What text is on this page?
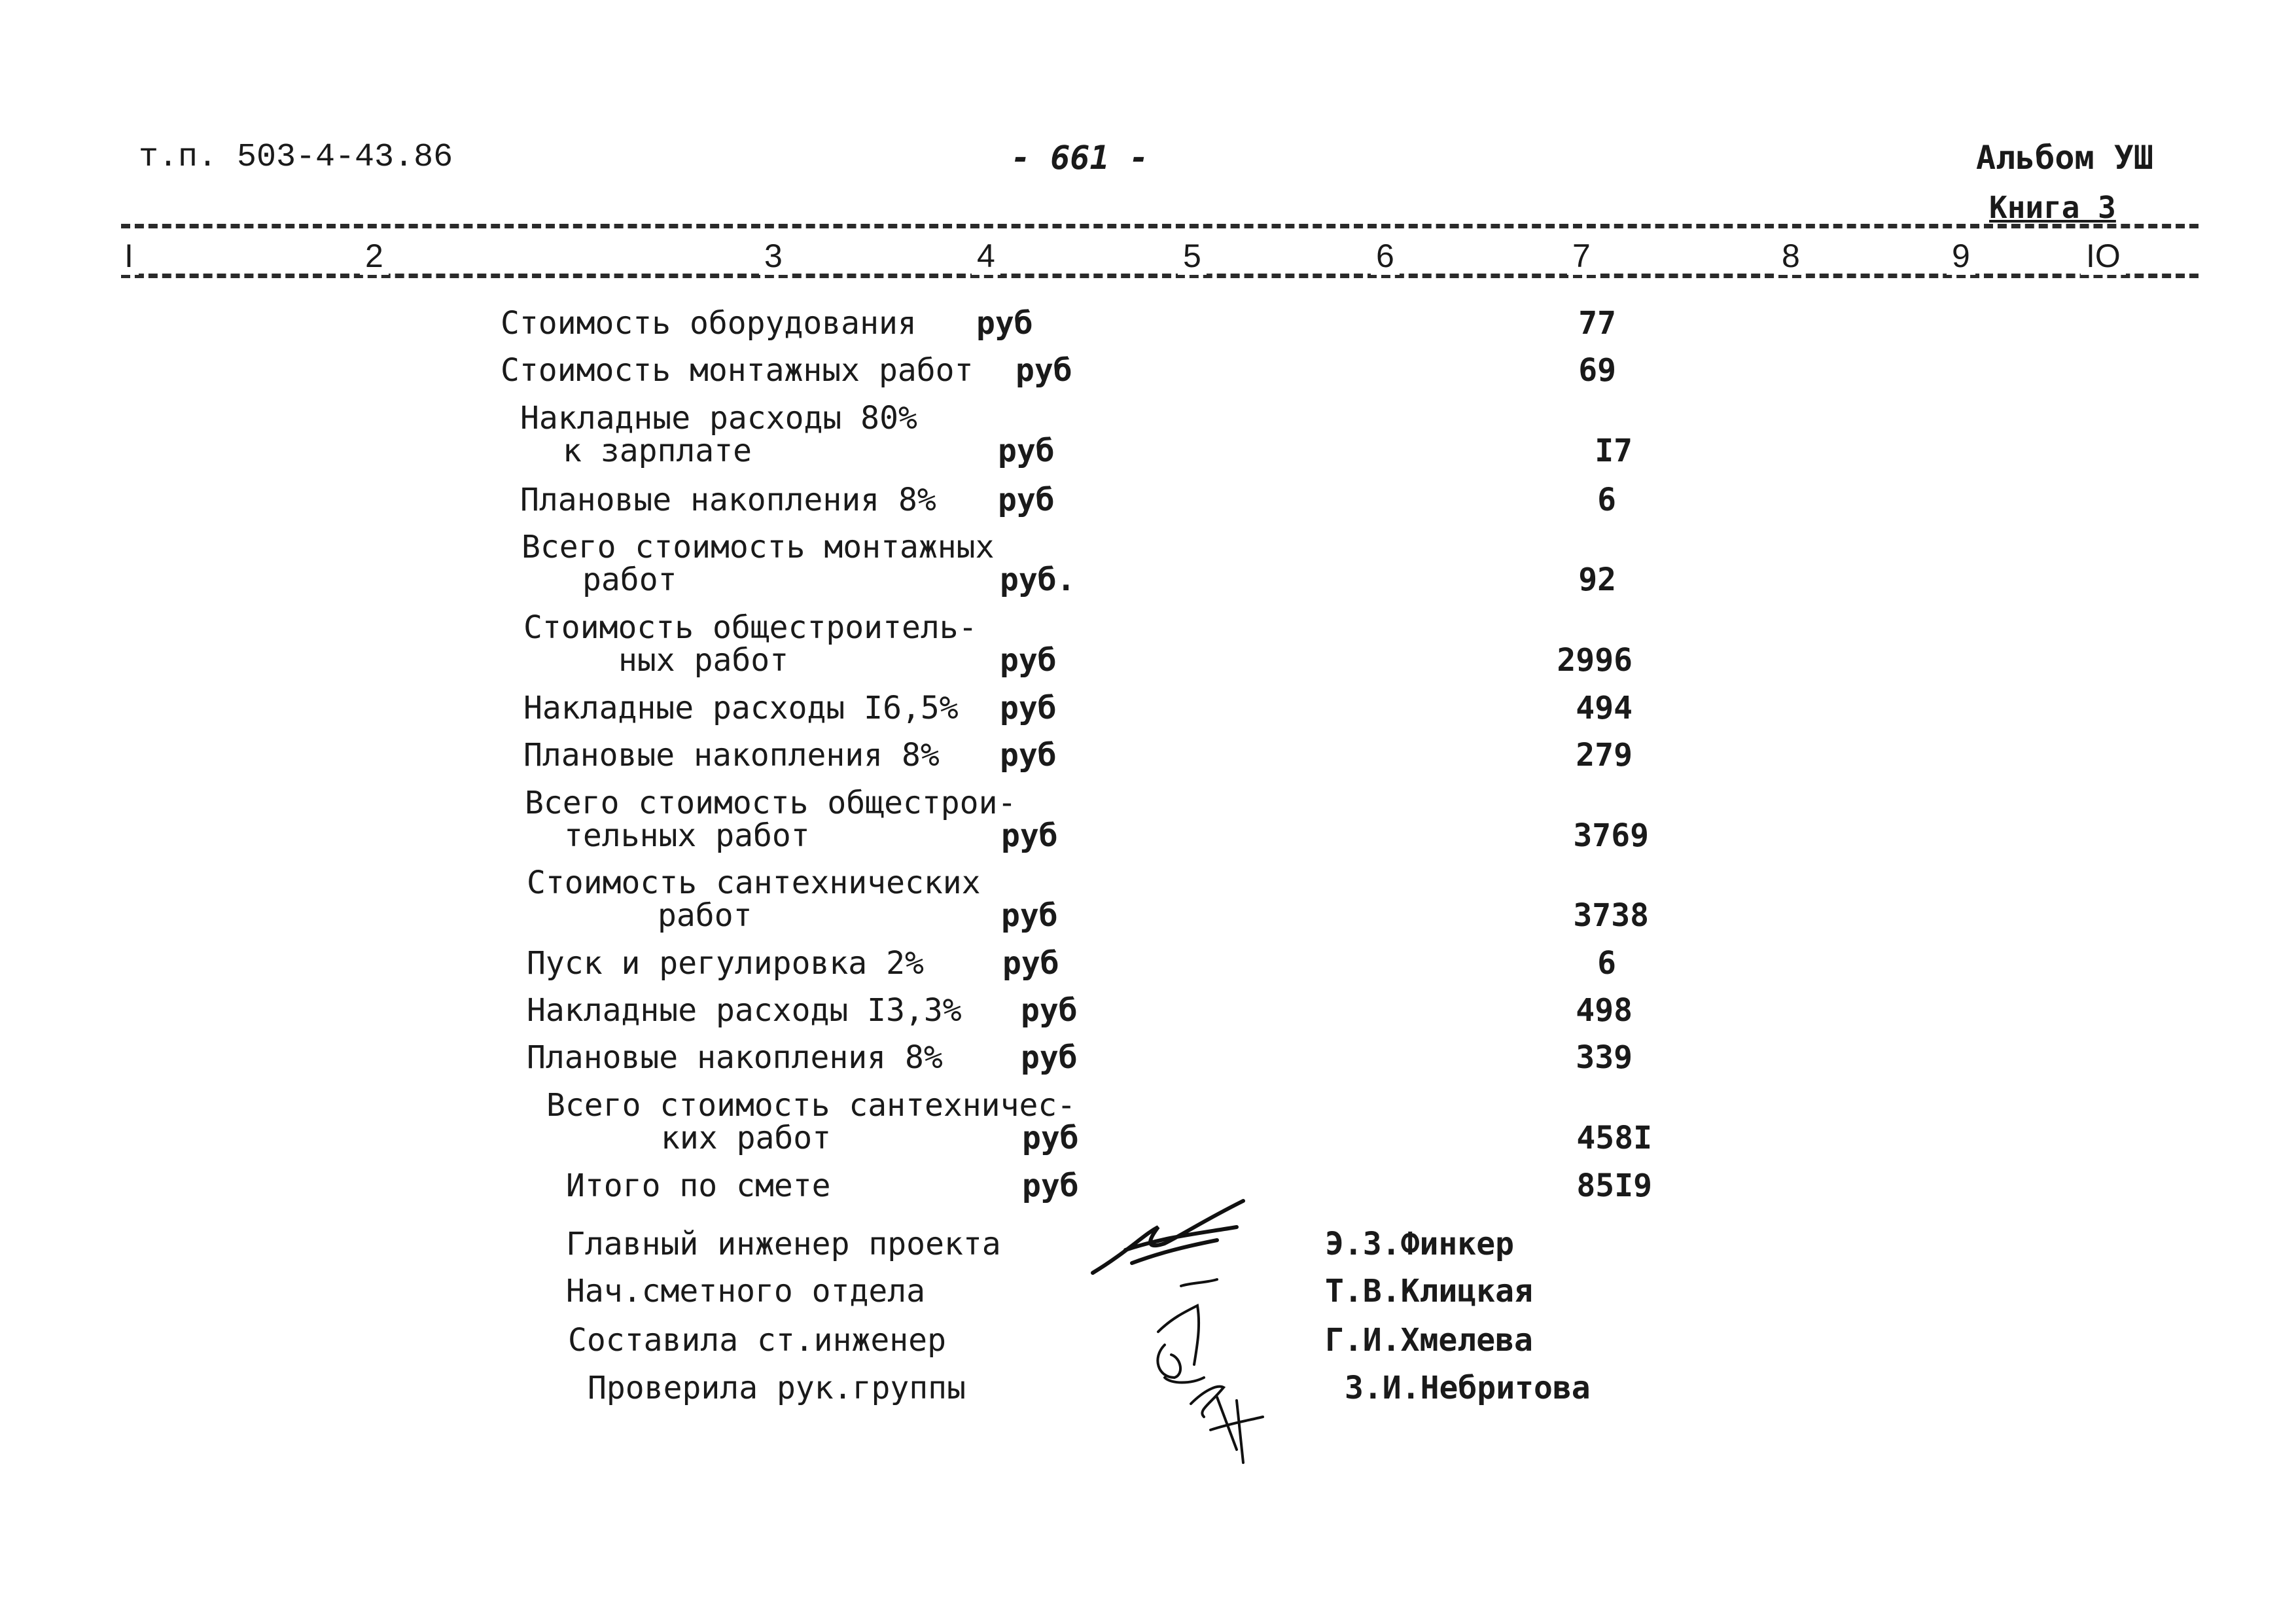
т.п. 503-4-43.86	- 661 -	Альбом УШ
Книга 3
I	2	3	4	5	6	7	8	9	IO
Стоимость оборудования руб	77
Стоимость монтажных работ руб	69
Накладные расходы 80%
к зарплате	руб	I7
Плановые накопления 8% руб	6
Всего стоимость монтажных
работ	руб.	92
Стоимость общестроитель-
ных работ	руб	2996
Накладные расходы I6,5% руб	494
Плановые накопления 8% руб	279
Всего стоимость общестрои-
тельных работ	руб	3769
Стоимость сантехнических
работ	руб	3738
Пуск и регулировка 2%	руб	6
Накладные расходы I3,3% руб	498
Плановые накопления 8% руб	339
Всего стоимость сантехничес-
ких работ	руб	458I
Итого по смете	руб	85I9
Главный инженер проекта	Э.З.Финкер
Нач.сметного отдела	Т.В.Клицкая
Составила ст.инженер	Г.И.Хмелева
Проверила рук.группы	З.И.Небритова
